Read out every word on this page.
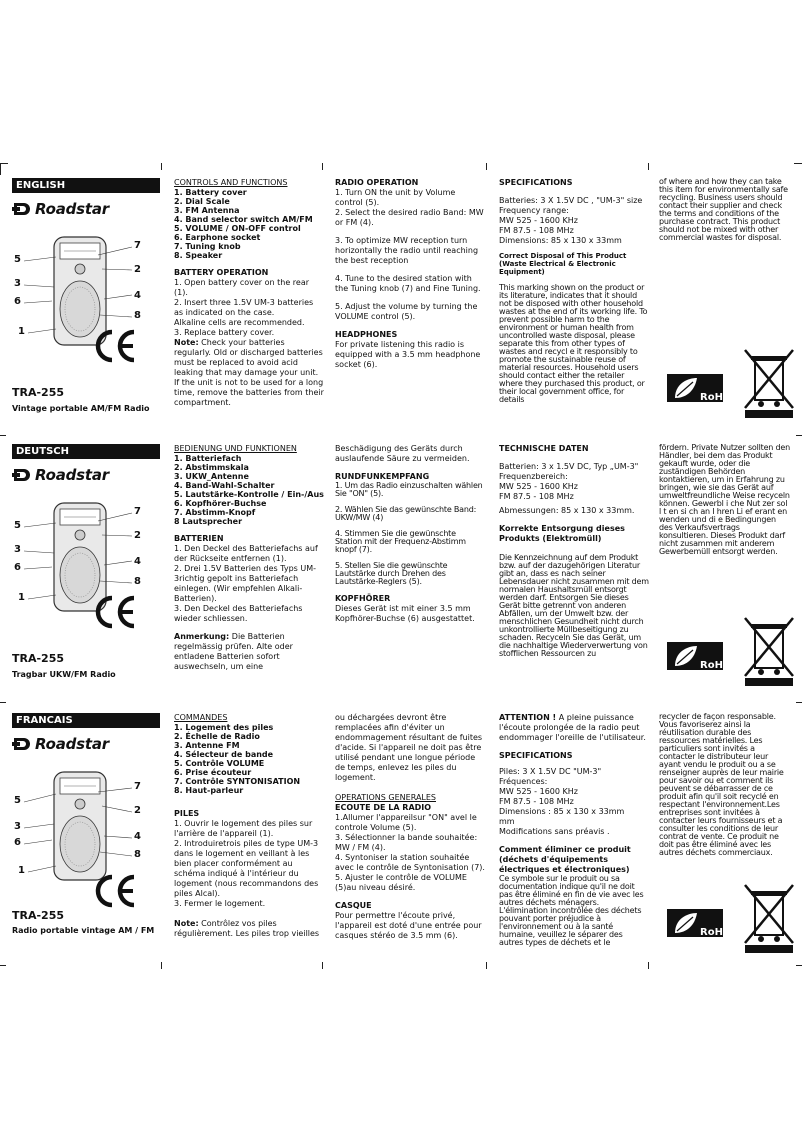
ENGLISH
Roadstar
7
5
2
3
4
6
8
1
TRA-255
Vintage portable AM/FM Radio
CONTROLS AND FUNCTIONS
1. Battery cover
2. Dial Scale
3. FM Antenna
4. Band selector switch AM/FM
5. VOLUME / ON-OFF control
6. Earphone socket
7. Tuning knob
8. Speaker
BATTERY OPERATION
1. Open battery cover on the rear (1).
2. Insert three 1.5V UM-3 batteries as indicated on the case.
Alkaline cells are recommended.
3. Replace battery cover.
Note: Check your batteries regularly. Old or discharged batteries must be replaced to avoid acid leaking that may damage your unit. If the unit is not to be used for a long time, remove the batteries from their compartment.
RADIO OPERATION
1. Turn ON the unit by Volume control (5).
2. Select the desired radio Band: MW or FM (4).
3. To optimize MW reception turn horizontally the radio until reaching the best reception
4. Tune to the desired station with the Tuning knob (7) and Fine Tuning.
5. Adjust the volume by turning the VOLUME control (5).
HEADPHONES
For private listening this radio is equipped with a 3.5 mm headphone socket (6).
SPECIFICATIONS
Batteries: 3 X 1.5V DC , "UM-3" size
Frequency range:
MW 525 - 1600 KHz
FM 87.5 - 108 MHz
Dimensions: 85 x 130 x 33mm
Correct Disposal of This Product (Waste Electrical & Electronic Equipment)
This marking shown on the product or its literature, indicates that it should not be disposed with other household wastes at the end of its working life. To prevent possible harm to the environment or human health from uncontrolled waste disposal, please separate this from other types of wastes and recycl e it responsibly to promote the sustainable reuse of material resources. Household users should contact either the retailer where they purchased this product, or their local government office, for details
of where and how they can take this item for environmentally safe recycling. Business users should contact their supplier and check the terms and conditions of the purchase contract. This product should not be mixed with other commercial wastes for disposal.
RoHS
DEUTSCH
Roadstar
7
5
2
3
4
6
8
1
TRA-255
Tragbar UKW/FM Radio
BEDIENUNG UND FUNKTIONEN
1. Batteriefach
2. Abstimmskala
3. UKW_Antenne
4. Band-Wahl-Schalter
5. Lautstärke-Kontrolle / Ein-/Aus
6. Kopfhörer-Buchse
7. Abstimm-Knopf
8 Lautsprecher
BATTERIEN
1. Den Deckel des Batteriefachs auf der Rückseite entfernen (1).
2. Drei 1.5V Batterien des Typs UM-3richtig gepolt ins Batteriefach einlegen. (Wir empfehlen Alkali-Batterien).
3. Den Deckel des Batteriefachs wieder schliessen.
Anmerkung: Die Batterien regelmässig prüfen. Alte oder entladene Batterien sofort auswechseln, um eine
Beschädigung des Geräts durch auslaufende Säure zu vermeiden.
RUNDFUNKEMPFANG
1. Um das Radio einzuschalten wählen Sie "ON" (5).
2. Wählen Sie das gewünschte Band: UKW/MW (4)
4. Stimmen Sie die gewünschte Station mit der Frequenz-Abstimm knopf (7).
5. Stellen Sie die gewünschte Lautstärke durch Drehen des Lautstärke-Reglers (5).
KOPFHÖRER
Dieses Gerät ist mit einer 3.5 mm Kopfhörer-Buchse (6) ausgestattet.
TECHNISCHE DATEN
Batterien: 3 x 1.5V DC, Typ „UM-3"
Frequenzbereich:
MW 525 - 1600 KHz
FM 87.5 - 108 MHz
Abmessungen: 85 x 130 x 33mm.
Korrekte Entsorgung dieses Produkts (Elektromüll)
Die Kennzeichnung auf dem Produkt bzw. auf der dazugehörigen Literatur gibt an, dass es nach seiner Lebensdauer nicht zusammen mit dem normalen Haushaltsmüll entsorgt werden darf. Entsorgen Sie dieses Gerät bitte getrennt von anderen Abfällen, um der Umwelt bzw. der menschlichen Gesundheit nicht durch unkontrollierte Müllbeseitigung zu schaden. Recyceln Sie das Gerät, um die nachhaltige Wiederverwertung von stofflichen Ressourcen zu
fördern. Private Nutzer sollten den Händler, bei dem das Produkt gekauft wurde, oder die zuständigen Behörden kontaktieren, um in Erfahrung zu bringen, wie sie das Gerät auf umweltfreundliche Weise recyceln können. Gewerbl i che Nut zer sol l t en si ch an I hren Li ef erant en wenden und di e Bedingungen des Verkaufsvertrags konsultieren. Dieses Produkt darf nicht zusammen mit anderem Gewerbemüll entsorgt werden.
RoHS
FRANCAIS
Roadstar
7
5
2
3
4
6
8
1
TRA-255
Radio portable vintage AM / FM
COMMANDES
1. Logement des piles
2. Échelle de Radio
3. Antenne FM
4. Sélecteur de bande
5. Contrôle VOLUME
6. Prise écouteur
7. Contrôle SYNTONISATION
8. Haut-parleur
PILES
1. Ouvrir le logement des piles sur l'arrière de l'appareil (1).
2. Introduiretrois piles de type UM-3 dans le logement en veillant à les bien placer conformément au schéma indiqué à l'intérieur du logement (nous recommandons des piles Alcal).
3. Fermer le logement.
Note: Contrôlez vos piles régulièrement. Les piles trop vieilles
ou déchargées devront être remplacées afin d'éviter un endommagement résultant de fuites d'acide. Si l'appareil ne doit pas être utilisé pendant une longue période de temps, enlevez les piles du logement.
OPERATIONS GENERALES
ECOUTE DE LA RADIO
1.Allumer l'appareilsur "ON" avel le controle Volume (5).
3. Sélectionner la bande souhaitée: MW / FM (4).
4. Syntoniser la station souhaitée avec le contrôle de Syntonisation (7).
5. Ajuster le contrôle de VOLUME (5)au niveau désiré.
CASQUE
Pour permettre l'écoute privé, l'appareil est doté d'une entrée pour casques stéréo de 3.5 mm (6).
ATTENTION ! A pleine puissance l'écoute prolongée de la radio peut endommager l'oreille de l'utilisateur.
SPECIFICATIONS
Piles: 3 X 1.5V DC "UM-3"
Fréquences:
MW 525 - 1600 KHz
FM 87.5 - 108 MHz
Dimensions : 85 x 130 x 33mm
mm
Modifications sans préavis .
Comment éliminer ce produit (déchets d'équipements électriques et électroniques)
Ce symbole sur le produit ou sa documentation indique qu'il ne doit pas être éliminé en fin de vie avec les autres déchets ménagers. L'élimination incontrôlée des déchets pouvant porter préjudice à l'environnement ou à la santé humaine, veuillez le séparer des autres types de déchets et le
recycler de façon responsable. Vous favoriserez ainsi la réutilisation durable des ressources matérielles. Les particuliers sont invités a contacter le distributeur leur ayant vendu le produit ou a se renseigner auprès de leur mairie pour savoir ou et comment ils peuvent se débarrasser de ce produit afin qu'il soit recyclé en respectant l'environnement.Les entreprises sont invitées à contacter leurs fournisseurs et a consulter les conditions de leur contrat de vente. Ce produit ne doit pas être éliminé avec les autres déchets commerciaux.
RoHS
